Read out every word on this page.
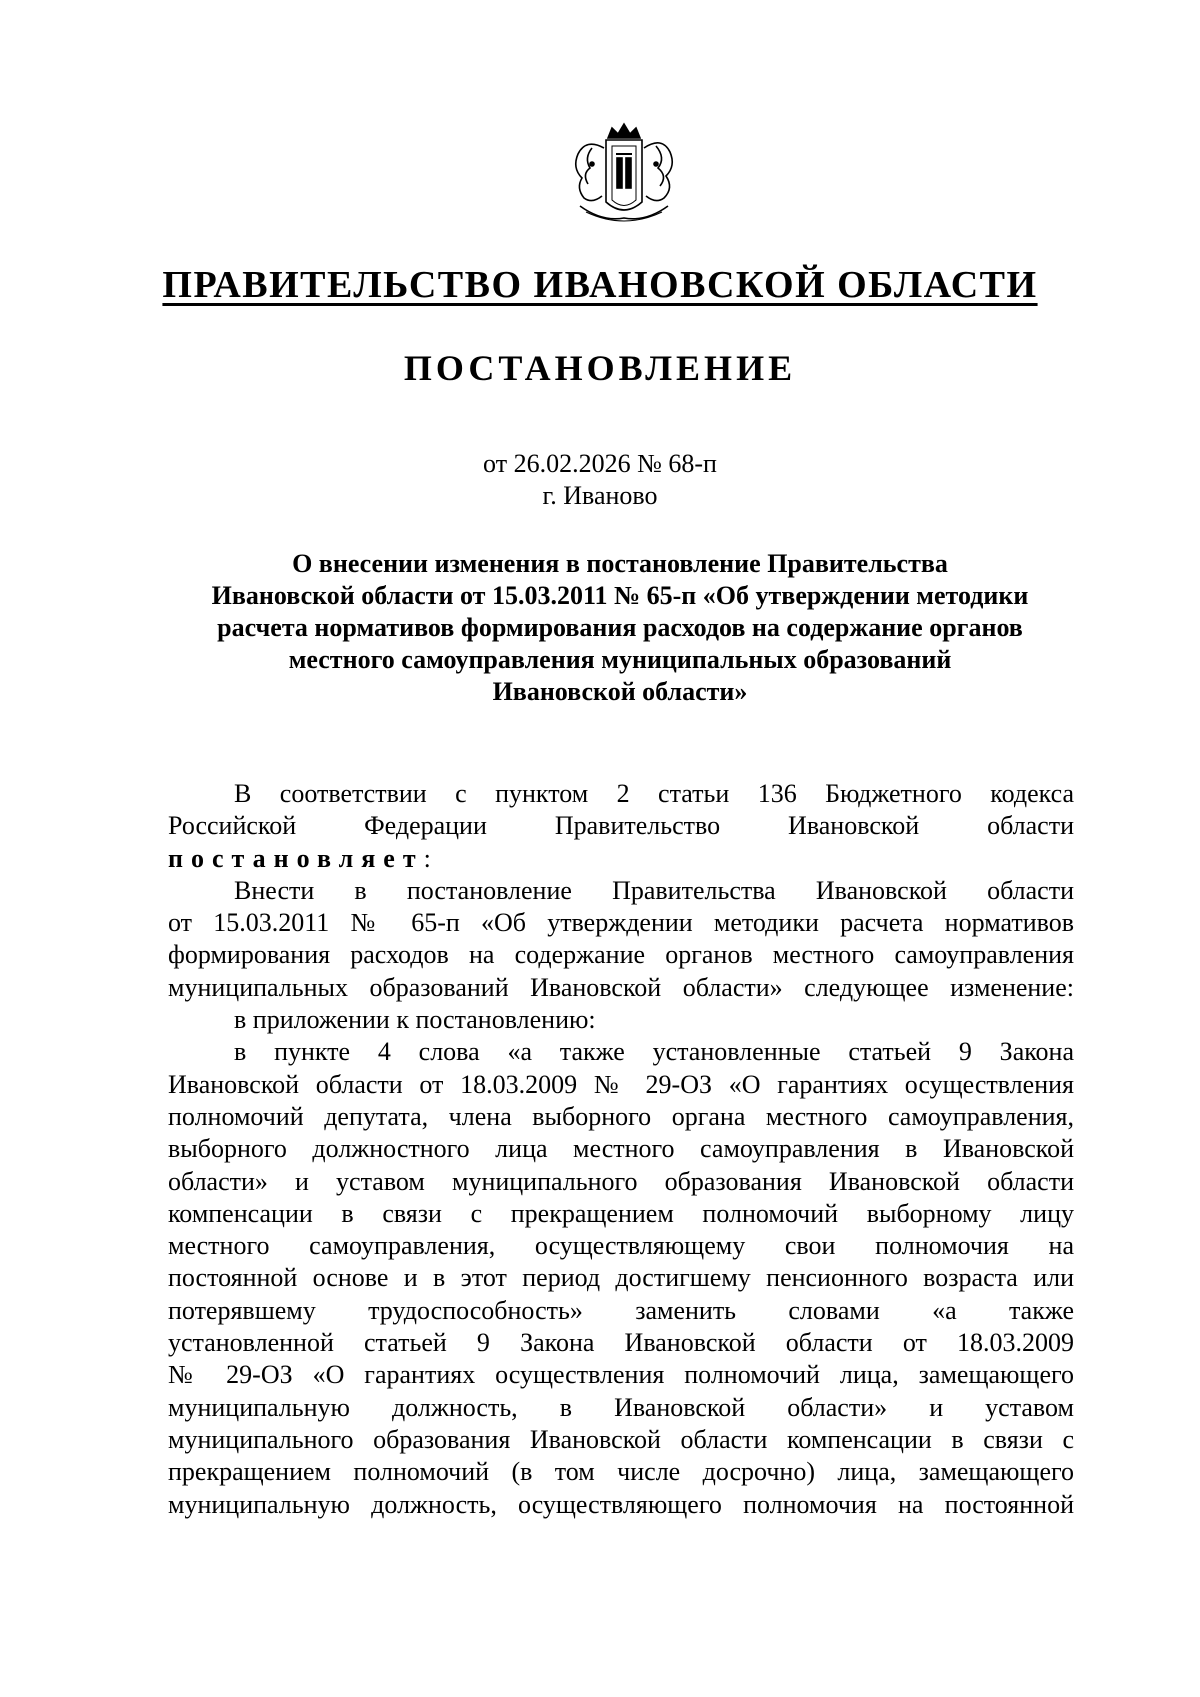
ПРАВИТЕЛЬСТВО ИВАНОВСКОЙ ОБЛАСТИ
ПОСТАНОВЛЕНИЕ
от 26.02.2026 № 68-п
г. Иваново
О внесении изменения в постановление Правительства
Ивановской области от 15.03.2011 № 65-п «Об утверждении методики
расчета нормативов формирования расходов на содержание органов
местного самоуправления муниципальных образований
Ивановской области»
В соответствии с пунктом 2 статьи 136 Бюджетного кодекса
Российской Федерации Правительство Ивановской области
постановляет:
Внести в постановление Правительства Ивановской области
от 15.03.2011 № 65-п «Об утверждении методики расчета нормативов
формирования расходов на содержание органов местного самоуправления
муниципальных образований Ивановской области» следующее изменение:
в приложении к постановлению:
в пункте 4 слова «а также установленные статьей 9 Закона
Ивановской области от 18.03.2009 № 29-ОЗ «О гарантиях осуществления
полномочий депутата, члена выборного органа местного самоуправления,
выборного должностного лица местного самоуправления в Ивановской
области» и уставом муниципального образования Ивановской области
компенсации в связи с прекращением полномочий выборному лицу
местного самоуправления, осуществляющему свои полномочия на
постоянной основе и в этот период достигшему пенсионного возраста или
потерявшему трудоспособность» заменить словами «а также
установленной статьей 9 Закона Ивановской области от 18.03.2009
№ 29-ОЗ «О гарантиях осуществления полномочий лица, замещающего
муниципальную должность, в Ивановской области» и уставом
муниципального образования Ивановской области компенсации в связи с
прекращением полномочий (в том числе досрочно) лица, замещающего
муниципальную должность, осуществляющего полномочия на постоянной
